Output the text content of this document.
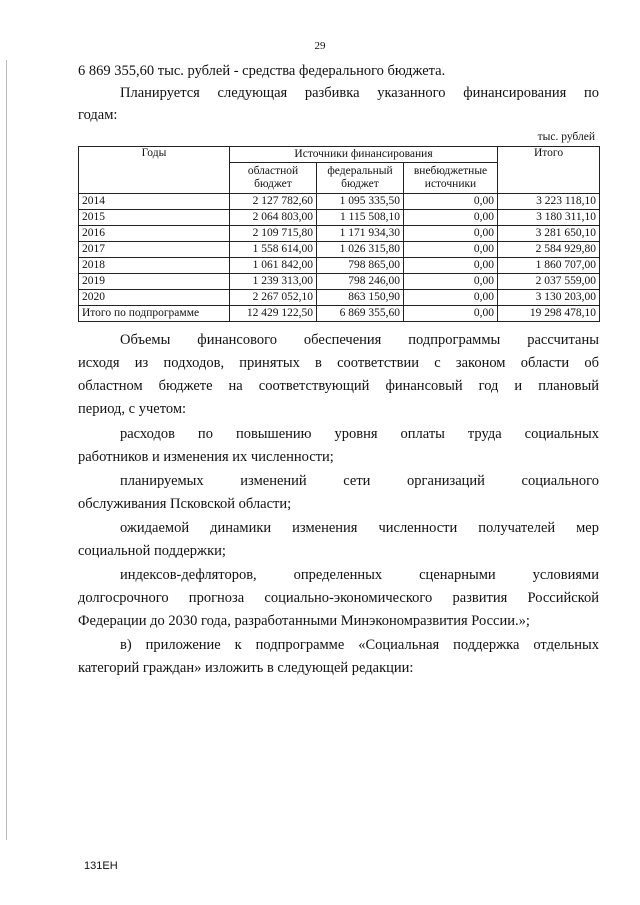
29
6 869 355,60 тыс. рублей - средства федерального бюджета.
Планируется следующая разбивка указанного финансирования по
годам:
тыс. рублей
Годы	Источники финансирования			Итого
	областной бюджет	федеральный бюджет	внебюджетные источники	
2014	2 127 782,60	1 095 335,50	0,00	3 223 118,10
2015	2 064 803,00	1 115 508,10	0,00	3 180 311,10
2016	2 109 715,80	1 171 934,30	0,00	3 281 650,10
2017	1 558 614,00	1 026 315,80	0,00	2 584 929,80
2018	1 061 842,00	798 865,00	0,00	1 860 707,00
2019	1 239 313,00	798 246,00	0,00	2 037 559,00
2020	2 267 052,10	863 150,90	0,00	3 130 203,00
Итого по подпрограмме	12 429 122,50	6 869 355,60	0,00	19 298 478,10
Объемы финансового обеспечения подпрограммы рассчитаны
исходя из подходов, принятых в соответствии с законом области об
областном бюджете на соответствующий финансовый год и плановый
период, с учетом:
расходов по повышению уровня оплаты труда социальных
работников и изменения их численности;
планируемых изменений сети организаций социального
обслуживания Псковской области;
ожидаемой динамики изменения численности получателей мер
социальной поддержки;
индексов-дефляторов, определенных сценарными условиями
долгосрочного прогноза социально-экономического развития Российской
Федерации до 2030 года, разработанными Минэкономразвития России.»;
в) приложение к подпрограмме «Социальная поддержка отдельных
категорий граждан» изложить в следующей редакции:
131EH
